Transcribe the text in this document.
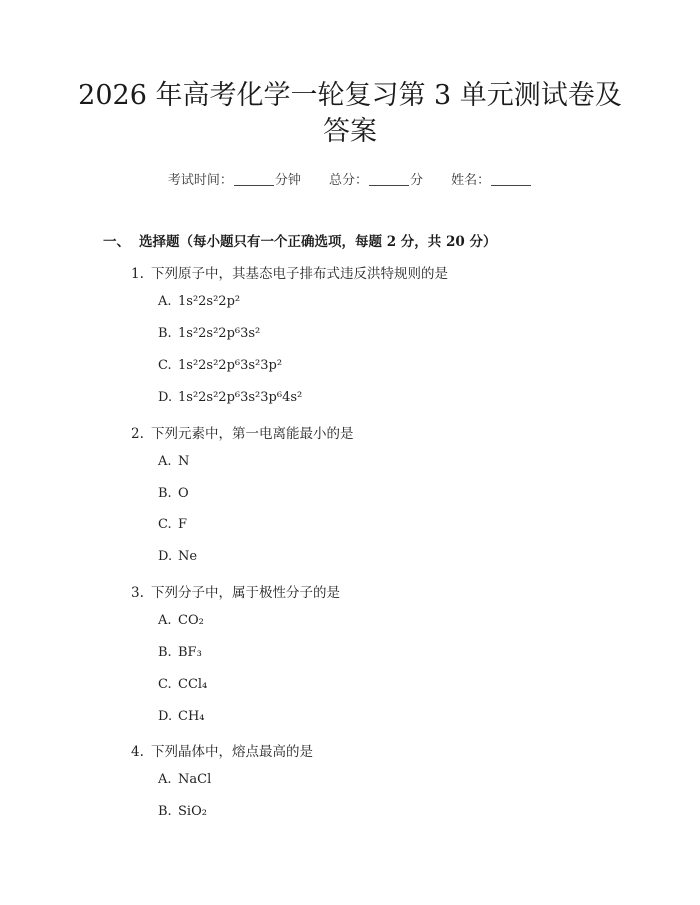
2026 年高考化学一轮复习第 3 单元测试卷及
答案
考试时间：	分钟 总分：	分 姓名：
一、 选择题（每小题只有一个正确选项，每题 2 分，共 20 分）
1. 下列原子中，其基态电子排布式违反洪特规则的是
A. 1s²2s²2p²
B. 1s²2s²2p⁶3s²
C. 1s²2s²2p⁶3s²3p²
D. 1s²2s²2p⁶3s²3p⁶4s²
2. 下列元素中，第一电离能最小的是
A. N
B. O
C. F
D. Ne
3. 下列分子中，属于极性分子的是
A. CO₂
B. BF₃
C. CCl₄
D. CH₄
4. 下列晶体中，熔点最高的是
A. NaCl
B. SiO₂
